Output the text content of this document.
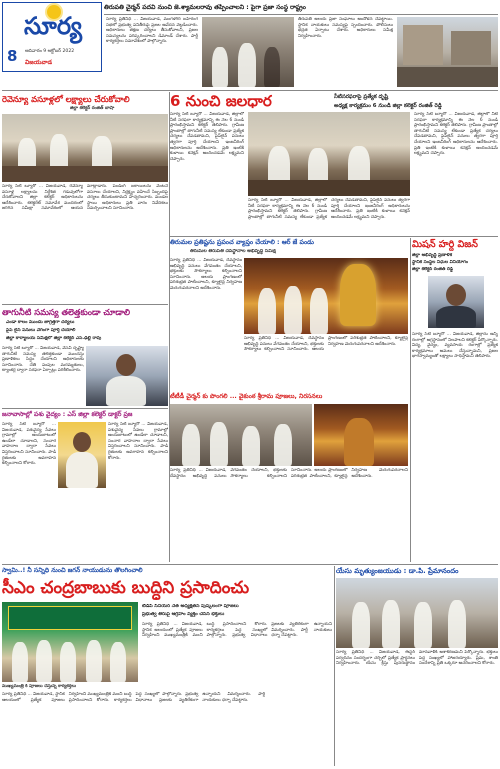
సూర్య
8	ఆదివారం 9 అక్టోబర్ 2022
విజయవాడ
తిరుపతి చైర్మన్ పదవి నుంచి జె.శ్యామలరావు తప్పించాలని : పైగా ప్రజా సంస్థ రాష్ట్రం
సూర్య ప్రతినిధి ... విజయవాడ, మంగళగిరి బహిరంగ సభలో ప్రభుత్వ పనితీరుపై ప్రజల ఆవేదన వెల్లడించారు. అధికారులు తక్షణ చర్యలు తీసుకోవాలని, ప్రజల సమస్యలను పరిష్కరించాలని డిమాండ్ చేశారు. పార్టీ కార్యకర్తలు సమావేశంలో పాల్గొన్నారు.
తిరుపతి ఆలయ ప్రజా సంఘాలు ఆందోళన చేపట్టాయి. స్థానిక నాయకులు సమస్యపై స్పందించారు. పోలీసులు భద్రత ఏర్పాటు చేశారు. అధికారులు సమీక్ష నిర్వహించారు.
రెవెన్యూ వసూళ్లలో లక్ష్యాలు చేరుకోవాలి
జిల్లా కలెక్టర్ రంజిత్ బాషా
సూర్య సిటీ బ్యూరో ... విజయవాడ, రెవెన్యూ వసూళ్ల లక్ష్యాలను నిర్దేశిత గడువులోగా చేరుకోవాలని జిల్లా కలెక్టర్ అధికారులను ఆదేశించారు. కలెక్టరేట్ సమావేశ మందిరంలో జరిగిన సమీక్షా సమావేశంలో ఆయన మాట్లాడారు. పెండింగ్ బకాయిలను వెంటనే వసూలు చేయాలని, నిర్లక్ష్యం వహించే సిబ్బందిపై చర్యలు తీసుకుంటామని హెచ్చరించారు. మండల స్థాయి అధికారులు ప్రతి వారం నివేదికలు సమర్పించాలని సూచించారు.
తాగునీటి సమస్య తలెత్తకుండా చూడాలి
ఎండా కాలం ముందు జాగ్రత్తగా చర్యలు
పైప్ లైన్ పనులు వేగంగా పూర్తి చేయాలి
జిల్లా కార్యాలయ సమీక్షలో జిల్లా కలెక్టర్ ఎస్.ఢిల్లీ రావు
సూర్య సిటీ బ్యూరో ... విజయవాడ, వేసవి దృష్ట్యా తాగునీటి సమస్య తలెత్తకుండా ముందస్తు ప్రణాళికలు సిద్ధం చేయాలని అధికారులకు సూచించారు. చేతి పంపుల మరమ్మతులు, ట్యాంకర్ల ద్వారా సరఫరా ఏర్పాట్లు పరిశీలించారు.
జనావాసాల్లో పశు వైద్యం : ఎస్ జిల్లా కలెక్టర్ డాక్టర్ ప్రజ
సూర్య సిటీ బ్యూరో ... విజయవాడ, పశువైద్య సేవలు గ్రామాల్లో అందుబాటులో ఉండేలా చూడాలని, సంచార వాహనాల ద్వారా సేవలు విస్తరించాలని సూచించారు. పాడి రైతులకు అవగాహన కల్పించాలని కోరారు.
సూర్య సిటీ బ్యూరో ... విజయవాడ, పశువైద్య సేవలు గ్రామాల్లో అందుబాటులో ఉండేలా చూడాలని, సంచార వాహనాల ద్వారా సేవలు విస్తరించాలని సూచించారు. పాడి రైతులకు అవగాహన కల్పించాలని కోరారు.
6 నుంచి జలధార	నీటిసరఫరాపై ప్రత్యేక దృష్టి
అధ్యక్ష కార్యక్రమం 6 నుండి జిల్లా కలెక్టర్ రంజిత్ రెడ్డి
సూర్య సిటీ బ్యూరో ... విజయవాడ, జిల్లాలో నీటి సరఫరా కార్యక్రమాన్ని ఈ నెల 6 నుండి ప్రారంభిస్తామని కలెక్టర్ తెలిపారు. గ్రామీణ ప్రాంతాల్లో తాగునీటి సమస్య లేకుండా ప్రత్యేక చర్యలు చేపడతామని, పైప్‌లైన్ పనులు త్వరగా పూర్తి చేయాలని ఇంజనీరింగ్ అధికారులను ఆదేశించారు. ప్రతి ఇంటికి కుళాయి కనెక్షన్ అందించడమే లక్ష్యమని చెప్పారు.
సూర్య సిటీ బ్యూరో ... విజయవాడ, జిల్లాలో నీటి సరఫరా కార్యక్రమాన్ని ఈ నెల 6 నుండి ప్రారంభిస్తామని కలెక్టర్ తెలిపారు. గ్రామీణ ప్రాంతాల్లో తాగునీటి సమస్య లేకుండా ప్రత్యేక చర్యలు చేపడతామని, పైప్‌లైన్ పనులు త్వరగా పూర్తి చేయాలని ఇంజనీరింగ్ అధికారులను ఆదేశించారు. ప్రతి ఇంటికి కుళాయి కనెక్షన్ అందించడమే లక్ష్యమని చెప్పారు.
సూర్య సిటీ బ్యూరో ... విజయవాడ, జిల్లాలో నీటి సరఫరా కార్యక్రమాన్ని ఈ నెల 6 నుండి ప్రారంభిస్తామని కలెక్టర్ తెలిపారు. గ్రామీణ ప్రాంతాల్లో తాగునీటి సమస్య లేకుండా ప్రత్యేక చర్యలు చేపడతామని, పైప్‌లైన్ పనులు త్వరగా పూర్తి చేయాలని ఇంజనీరింగ్ అధికారులను ఆదేశించారు. ప్రతి ఇంటికి కుళాయి కనెక్షన్ అందించడమే లక్ష్యమని చెప్పారు.
తిరుమల ప్రతిష్టను ప్రపంచ వ్యాప్తం చేయాలి : ఆర్ జే పండు
తిరుమల తిరుపతి దేవస్థానాల అభివృద్ధి సమీక్ష
సూర్య ప్రతినిధి ... విజయవాడ, దేవస్థానం అభివృద్ధి పనులు వేగవంతం చేయాలని, భక్తులకు సౌకర్యాలు కల్పించాలని సూచించారు. ఆలయ ప్రాంగణంలో పరిశుభ్రత పాటించాలని, క్యూలైన్ల నిర్వహణ మెరుగుపరచాలని ఆదేశించారు.
సూర్య ప్రతినిధి ... విజయవాడ, దేవస్థానం అభివృద్ధి పనులు వేగవంతం చేయాలని, భక్తులకు సౌకర్యాలు కల్పించాలని సూచించారు. ఆలయ ప్రాంగణంలో పరిశుభ్రత పాటించాలని, క్యూలైన్ల నిర్వహణ మెరుగుపరచాలని ఆదేశించారు.
టీటీడీ చైర్మన్ కు పొంగలి ... వైకుంఠ శ్రీరామ పూజలు, నిరసనలు
సూర్య ప్రతినిధి ... విజయవాడ, దేవస్థానం అభివృద్ధి పనులు వేగవంతం చేయాలని, భక్తులకు సౌకర్యాలు కల్పించాలని సూచించారు. ఆలయ ప్రాంగణంలో పరిశుభ్రత పాటించాలని, క్యూలైన్ల నిర్వహణ మెరుగుపరచాలని ఆదేశించారు.
మిషన్ హర్ది విజన్
జిల్లా అభివృద్ధి ప్రణాళిక
స్థానిక సంస్థల నిధుల వినియోగం
జిల్లా కలెక్టర్ రంజిత్ రెడ్డి
సూర్య సిటీ బ్యూరో ... విజయవాడ, జిల్లాను అన్ని రంగాల్లో అగ్రస్థానంలో నిలపాలని కలెక్టర్ పేర్కొన్నారు. విద్య, వైద్యం, వ్యవసాయ రంగాల్లో ప్రత్యేక కార్యక్రమాలు అమలు చేస్తున్నామని, ప్రజల భాగస్వామ్యంతో లక్ష్యాలు సాధిస్తామని తెలిపారు.
స్వామి..! నీ సన్నిధి నుంచి జగన్ నాయుడును తొలగించాలి
సీఎం చంద్రబాబుకు బుద్ధిని ప్రసాదించు
టీడీపీ సీనియర్ నేత అధ్యక్షతన పుష్కలంగా పూజలు
ప్రభుత్వ తీరుపై ఆగ్రహం వ్యక్తం చేసిన భక్తులు
సూర్య ప్రతినిధి ... విజయవాడ, స్థానిక ఆలయంలో ప్రత్యేక పూజలు నిర్వహించి ముఖ్యమంత్రికి మంచి బుద్ధి ప్రసాదించాలని కోరారు. కార్యకర్తలు పెద్ద సంఖ్యలో పాల్గొన్నారు. ప్రభుత్వ విధానాలు ప్రజలకు వ్యతిరేకంగా ఉన్నాయని విమర్శించారు. పార్టీ నాయకులు ధర్నా చేపట్టారు.
ముఖ్యమంత్రి కి పూజలు చేస్తున్న కార్యకర్తలు
సూర్య ప్రతినిధి ... విజయవాడ, స్థానిక ఆలయంలో ప్రత్యేక పూజలు నిర్వహించి ముఖ్యమంత్రికి మంచి బుద్ధి ప్రసాదించాలని కోరారు. కార్యకర్తలు పెద్ద సంఖ్యలో పాల్గొన్నారు. ప్రభుత్వ విధానాలు ప్రజలకు వ్యతిరేకంగా ఉన్నాయని విమర్శించారు. పార్టీ నాయకులు ధర్నా చేపట్టారు.
యేసు మృత్యుంజయుడు : డా.పి. ప్రేమానందం
సూర్య ప్రతినిధి ... విజయవాడ, ఈస్టర్ పర్వదినం సందర్భంగా చర్చిలో ప్రత్యేక ప్రార్థనలు నిర్వహించారు. యేసు క్రీస్తు పునరుత్థానం మానవాళికి ఆశాకిరణమని పేర్కొన్నారు. భక్తులు పెద్ద సంఖ్యలో హాజరయ్యారు. ప్రేమ, శాంతి సందేశాన్ని ప్రతి ఒక్కరూ ఆచరించాలని కోరారు.
